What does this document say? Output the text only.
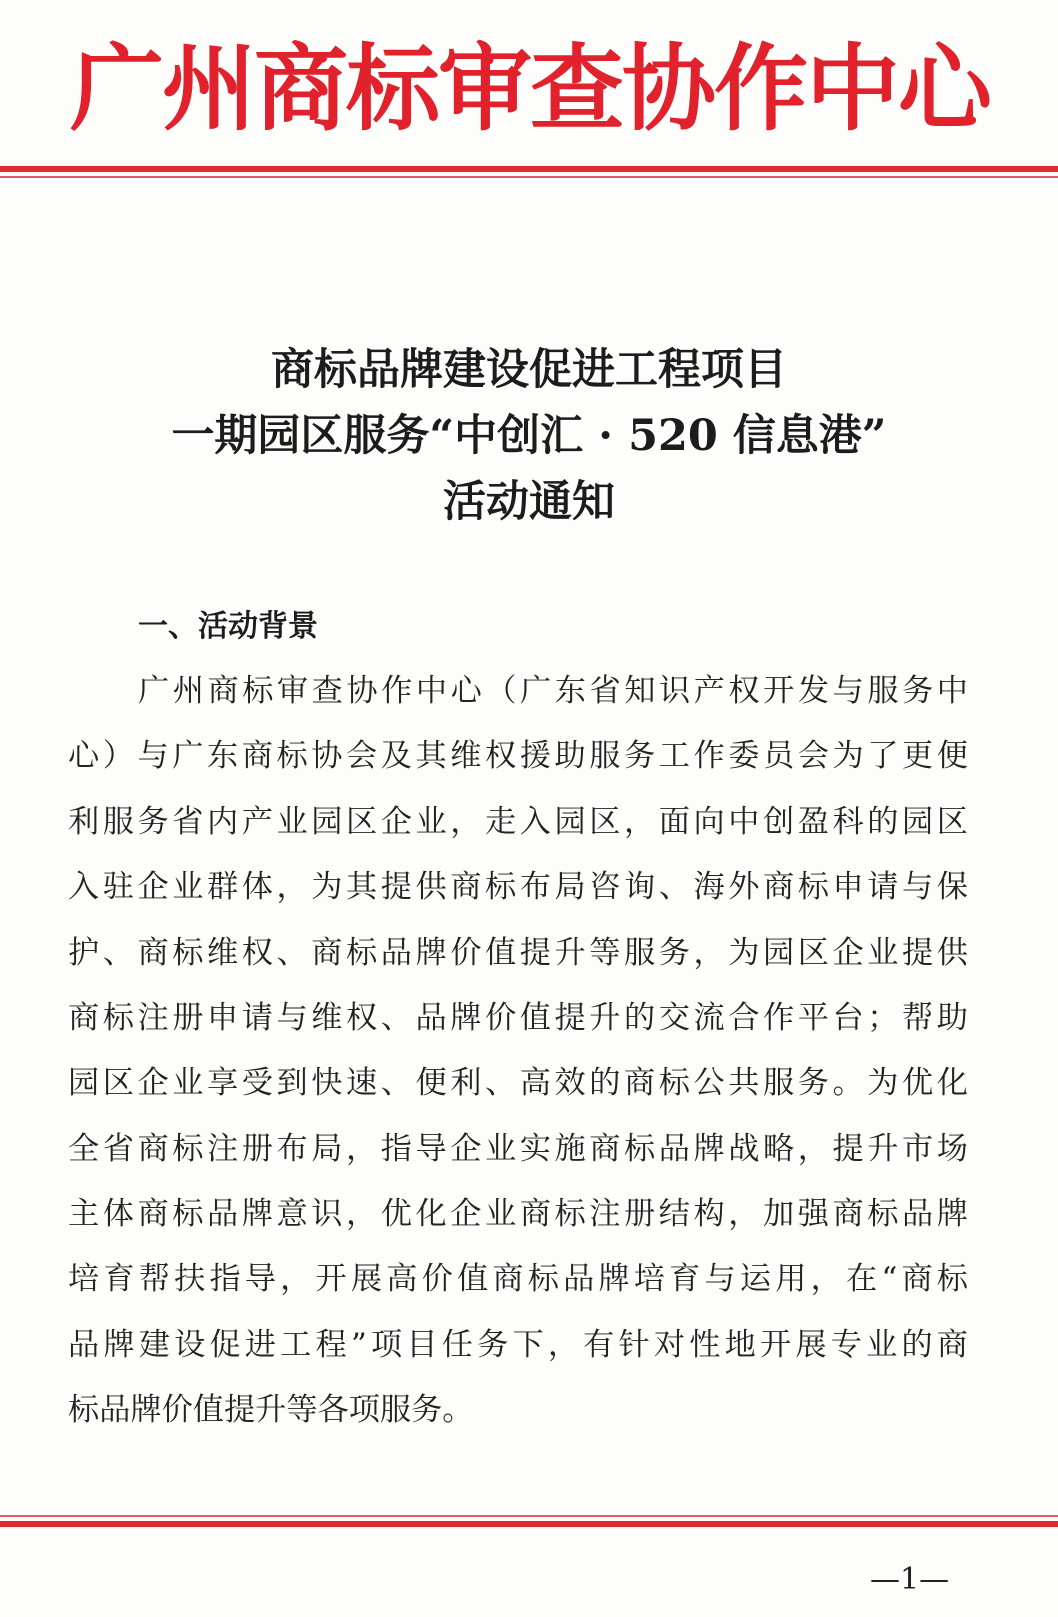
广州商标审查协作中心
商标品牌建设促进工程项目
一期园区服务“中创汇 · 520 信息港”
活动通知
一、活动背景
广州商标审查协作中心（广东省知识产权开发与服务中
心）与广东商标协会及其维权援助服务工作委员会为了更便
利服务省内产业园区企业，走入园区，面向中创盈科的园区
入驻企业群体，为其提供商标布局咨询、海外商标申请与保
护、商标维权、商标品牌价值提升等服务，为园区企业提供
商标注册申请与维权、品牌价值提升的交流合作平台；帮助
园区企业享受到快速、便利、高效的商标公共服务。为优化
全省商标注册布局，指导企业实施商标品牌战略，提升市场
主体商标品牌意识，优化企业商标注册结构，加强商标品牌
培育帮扶指导，开展高价值商标品牌培育与运用，在“商标
品牌建设促进工程”项目任务下，有针对性地开展专业的商
标品牌价值提升等各项服务。
—1—
